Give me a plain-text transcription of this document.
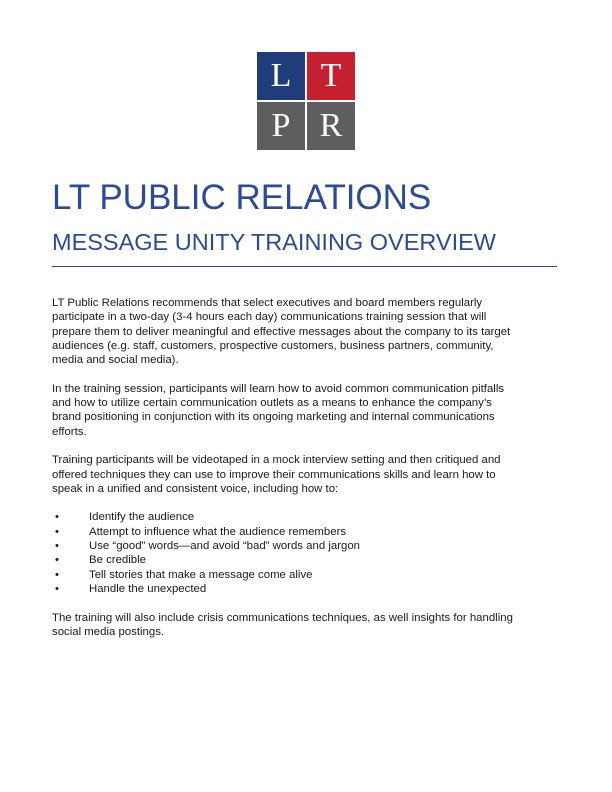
L T
P R
LT PUBLIC RELATIONS
MESSAGE UNITY TRAINING OVERVIEW

LT Public Relations recommends that select executives and board members regularly participate in a two-day (3-4 hours each day) communications training session that will prepare them to deliver meaningful and effective messages about the company to its target audiences (e.g. staff, customers, prospective customers, business partners, community, media and social media).

In the training session, participants will learn how to avoid common communication pitfalls and how to utilize certain communication outlets as a means to enhance the company’s brand positioning in conjunction with its ongoing marketing and internal communications efforts.

Training participants will be videotaped in a mock interview setting and then critiqued and offered techniques they can use to improve their communications skills and learn how to speak in a unified and consistent voice, including how to:

•	Identify the audience
•	Attempt to influence what the audience remembers
•	Use “good” words—and avoid “bad” words and jargon
•	Be credible
•	Tell stories that make a message come alive
•	Handle the unexpected

The training will also include crisis communications techniques, as well insights for handling social media postings.
